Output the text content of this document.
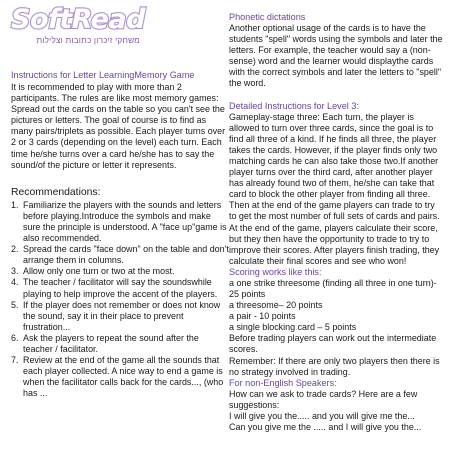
SoftRead
משחקי זיכרון כתובות וצלילות
Instructions for Letter LearningMemory Game

It is recommended to play with more than 2 participants. The rules are like most memory games: Spread out the cards on the table so you can't see the pictures or letters. The goal of course is to find as many pairs/triplets as possible. Each player turns over 2 or 3 cards (depending on the level) each turn. Each time he/she turns over a card he/she has to say the sound/of the picture or letter it represents.

Recommendations:
1. Familiarize the players with the sounds and letters before playing.Introduce the symbols and make sure the principle is understood. A "face up"game is also recommended.
2. Spread the cards "face down" on the table and don't arrange them in columns.
3. Allow only one turn or two at the most.
4. The teacher / facilitator will say the soundswhile playing to help improve the accent of the players.
5. If the player does not remember or does not know the sound, say it in their place to prevent frustration...
6. Ask the players to repeat the sound after the teacher / facilitator.
7. Review at the end of the game all the sounds that each player collected. A nice way to end a game is when the facilitator calls back for the cards..., (who has ...
Phonetic dictations

Another optional usage of the cards is to have the students "spell" words using the symbols and later the letters. For example, the teacher would say a (non-sense) word and the learner would displaythe cards with the correct symbols and later the letters to "spell" the word.

Detailed Instructions for Level 3:

Gameplay-stage three: Each turn, the player is allowed to turn over three cards, since the goal is to find all three of a kind. If he finds all three, the player takes the cards. However, if the player finds only two matching cards he can also take those two.If another player turns over the third card, after another player has already found two of them, he/she can take that card to block the other player from finding all three. Then at the end of the game players can trade to try to get the most number of full sets of cards and pairs. At the end of the game, players calculate their score, but they then have the opportunity to trade to try to improve their scores. After players finish trading, they calculate their final scores and see who won!

Scoring works like this:

a one strike threesome (finding all three in one turn)- 25 points

a threesome– 20 points

a pair - 10 points

a single blocking card – 5 points

Before trading players can work out the intermediate scores.

Remember: If there are only two players then there is no strategy involved in trading.

For non-English Speakers:

How can we ask to trade cards? Here are a few suggestions:

I will give you the..... and you will give me the...

Can you give me the ..... and I will give you the...
